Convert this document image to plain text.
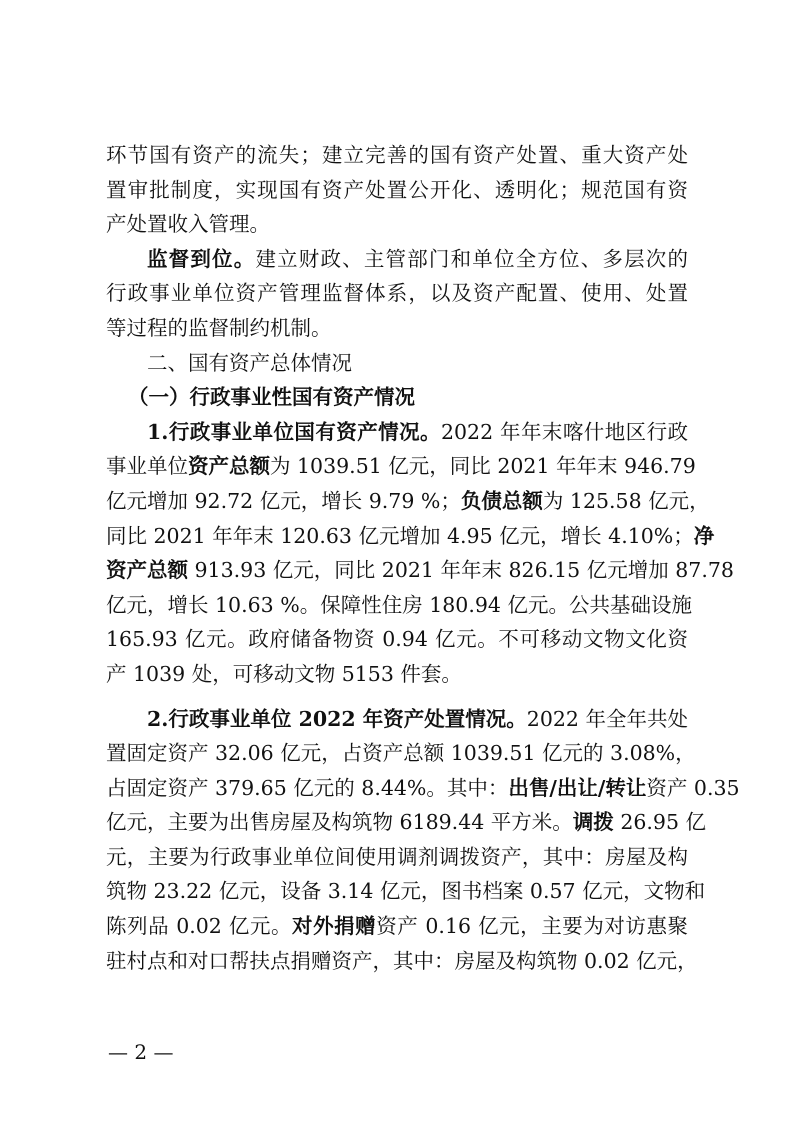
环节国有资产的流失；建立完善的国有资产处置、重大资产处
置审批制度，实现国有资产处置公开化、透明化；规范国有资
产处置收入管理。
监督到位。建立财政、主管部门和单位全方位、多层次的
行政事业单位资产管理监督体系，以及资产配置、使用、处置
等过程的监督制约机制。
二、国有资产总体情况
（一）行政事业性国有资产情况
1.行政事业单位国有资产情况。2022 年年末喀什地区行政
事业单位资产总额为 1039.51 亿元，同比 2021 年年末 946.79
亿元增加 92.72 亿元，增长 9.79 %；负债总额为 125.58 亿元，
同比 2021 年年末 120.63 亿元增加 4.95 亿元，增长 4.10%；净
资产总额 913.93 亿元，同比 2021 年年末 826.15 亿元增加 87.78
亿元，增长 10.63 %。保障性住房 180.94 亿元。公共基础设施
165.93 亿元。政府储备物资 0.94 亿元。不可移动文物文化资
产 1039 处，可移动文物 5153 件套。
2.行政事业单位 2022 年资产处置情况。2022 年全年共处
置固定资产 32.06 亿元，占资产总额 1039.51 亿元的 3.08%，
占固定资产 379.65 亿元的 8.44%。其中：出售/出让/转让资产 0.35
亿元，主要为出售房屋及构筑物 6189.44 平方米。调拨 26.95 亿
元，主要为行政事业单位间使用调剂调拨资产，其中：房屋及构
筑物 23.22 亿元，设备 3.14 亿元，图书档案 0.57 亿元，文物和
陈列品 0.02 亿元。对外捐赠资产 0.16 亿元，主要为对访惠聚
驻村点和对口帮扶点捐赠资产，其中：房屋及构筑物 0.02 亿元，
— 2 —
